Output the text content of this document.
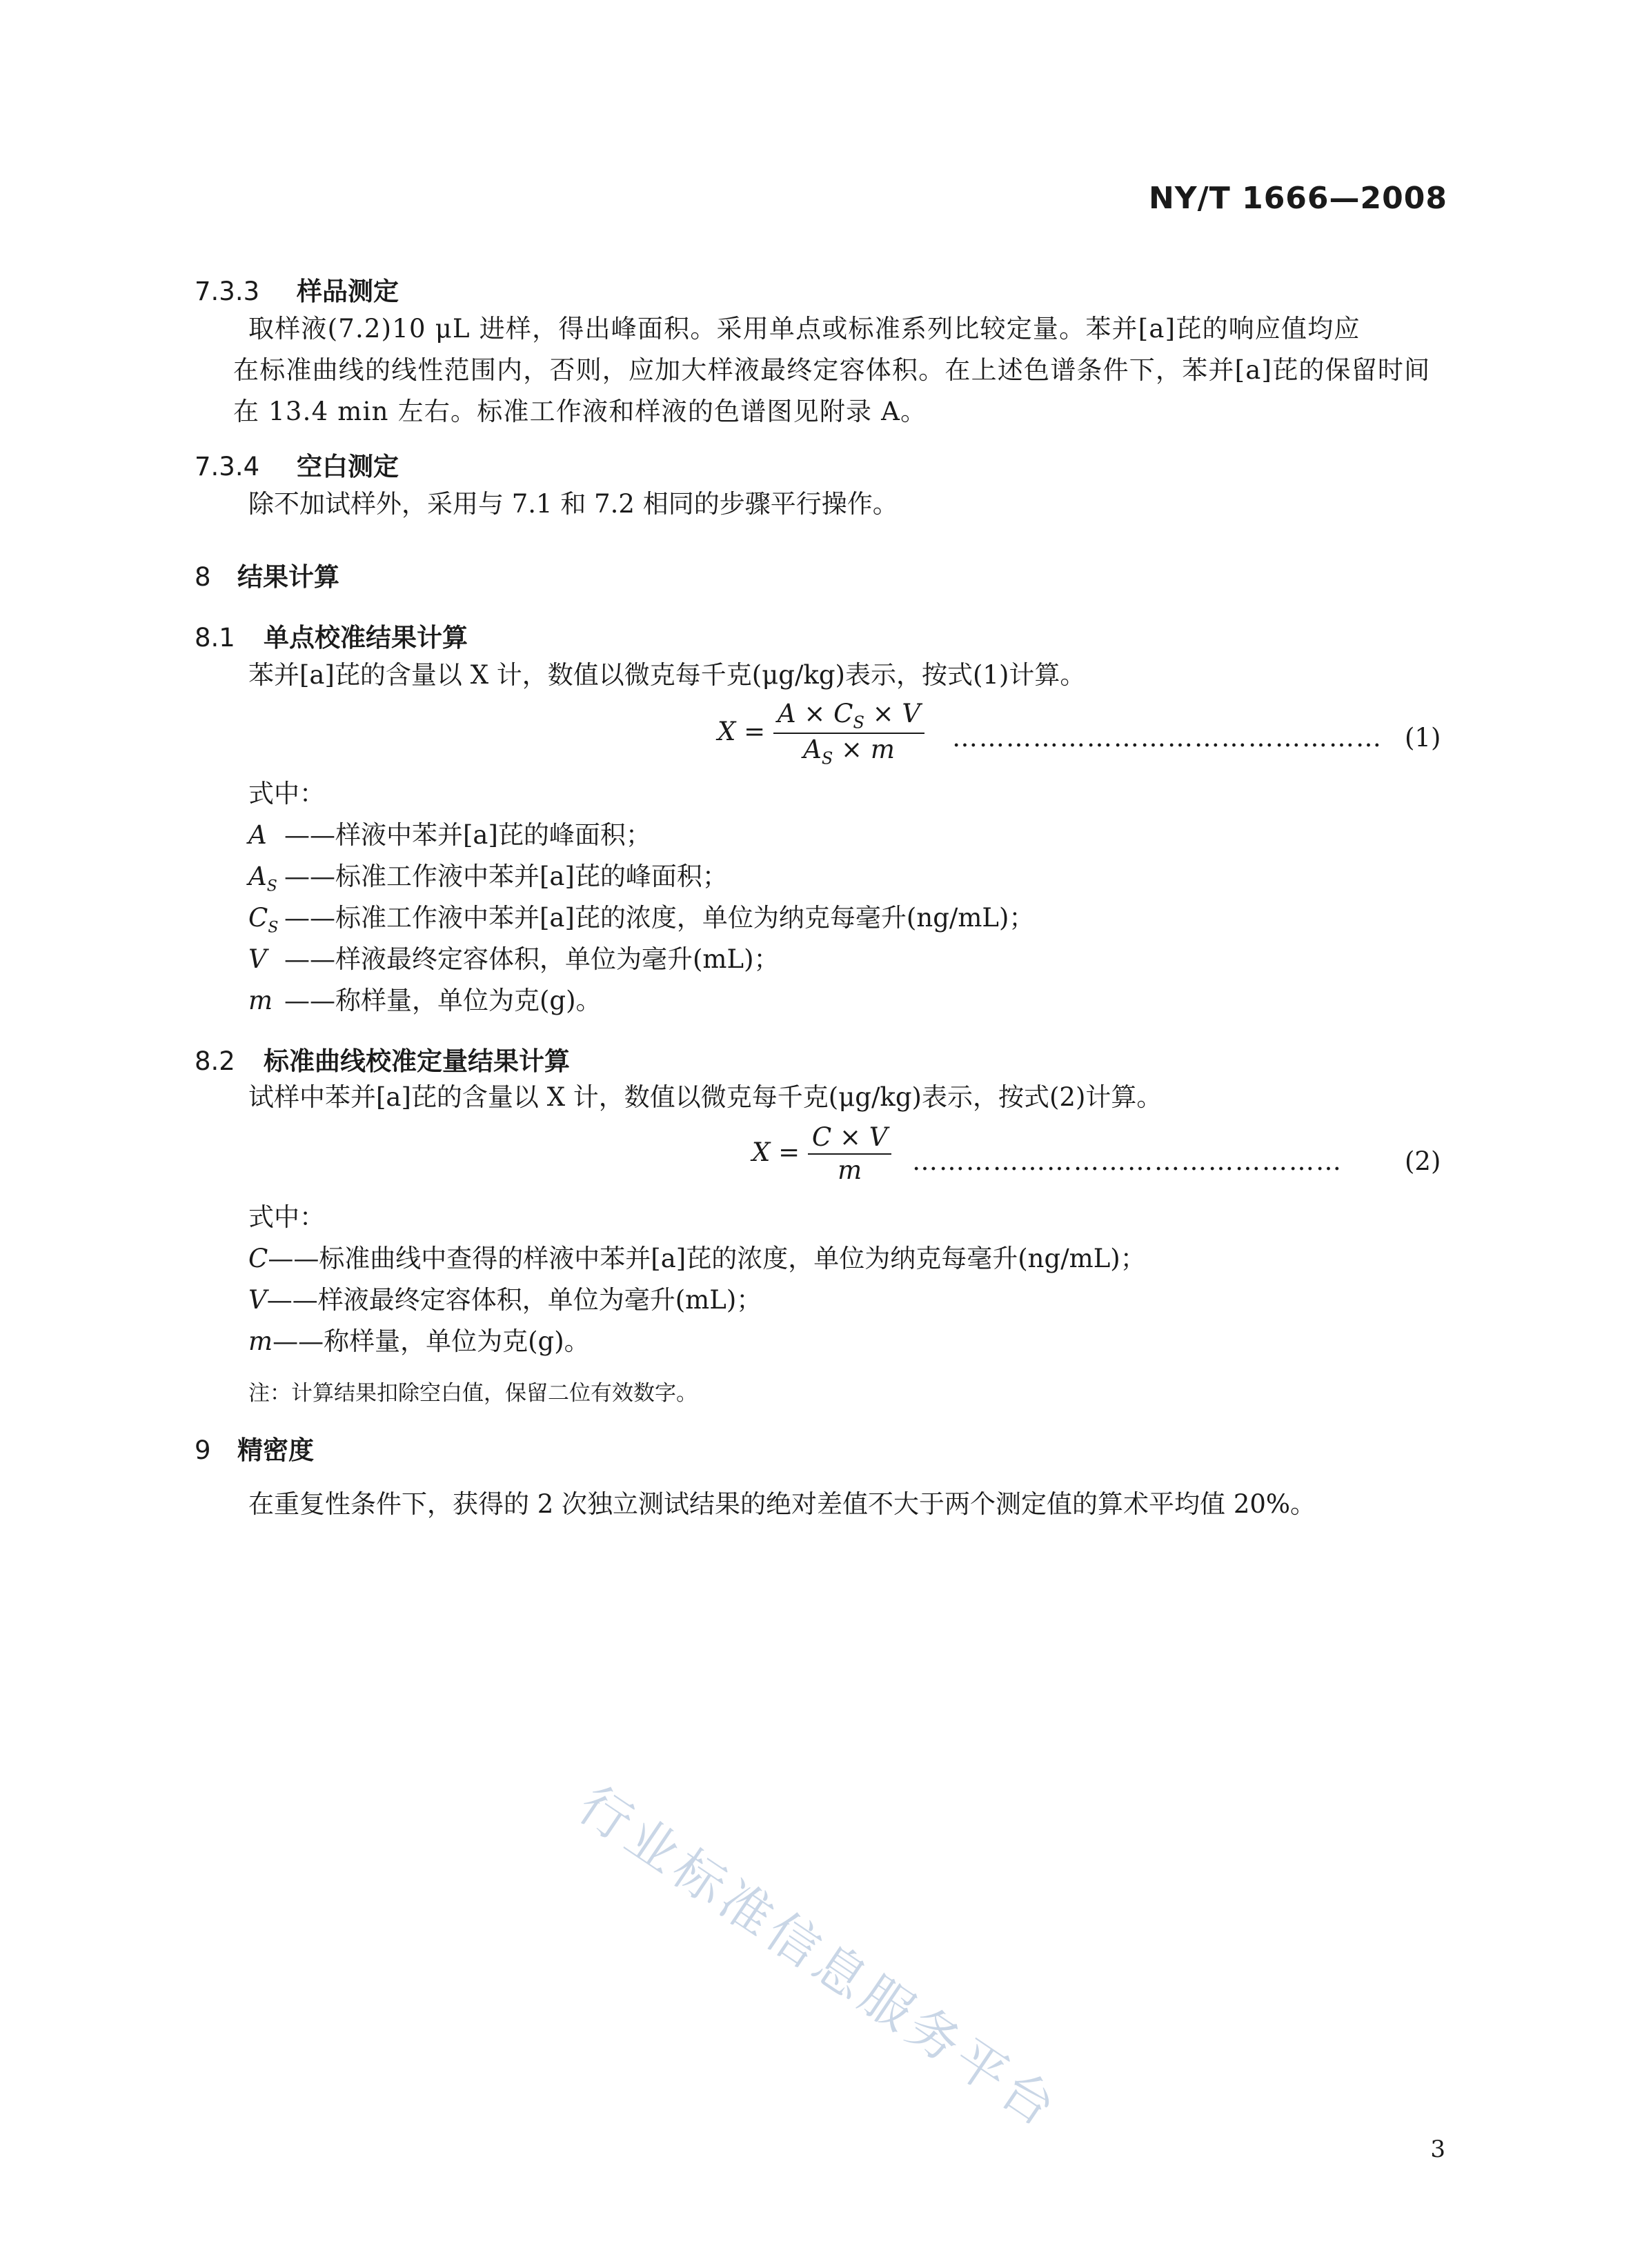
NY/T 1666—2008
7.3.3 样品测定
取样液(7.2)10 μL 进样，得出峰面积。采用单点或标准系列比较定量。苯并[a]芘的响应值均应
在标准曲线的线性范围内，否则，应加大样液最终定容体积。在上述色谱条件下，苯并[a]芘的保留时间
在 13.4 min 左右。标准工作液和样液的色谱图见附录 A。
7.3.4 空白测定
除不加试样外，采用与 7.1 和 7.2 相同的步骤平行操作。
8 结果计算
8.1 单点校准结果计算
苯并[a]芘的含量以 X 计，数值以微克每千克(μg/kg)表示，按式(1)计算。
$X = \frac{A \times C_S \times V}{A_S \times m}$ ………………………………………… (1)
式中：
A ——样液中苯并[a]芘的峰面积；
$A_S$ ——标准工作液中苯并[a]芘的峰面积；
$C_S$ ——标准工作液中苯并[a]芘的浓度，单位为纳克每毫升(ng/mL)；
V ——样液最终定容体积，单位为毫升(mL)；
m ——称样量，单位为克(g)。
8.2 标准曲线校准定量结果计算
试样中苯并[a]芘的含量以 X 计，数值以微克每千克(μg/kg)表示，按式(2)计算。
$X = \frac{C \times V}{m}$ ………………………………………… (2)
式中：
C——标准曲线中查得的样液中苯并[a]芘的浓度，单位为纳克每毫升(ng/mL)；
V——样液最终定容体积，单位为毫升(mL)；
m——称样量，单位为克(g)。
注：计算结果扣除空白值，保留二位有效数字。
9 精密度
在重复性条件下，获得的 2 次独立测试结果的绝对差值不大于两个测定值的算术平均值 20%。
行业标准信息服务平台
3
